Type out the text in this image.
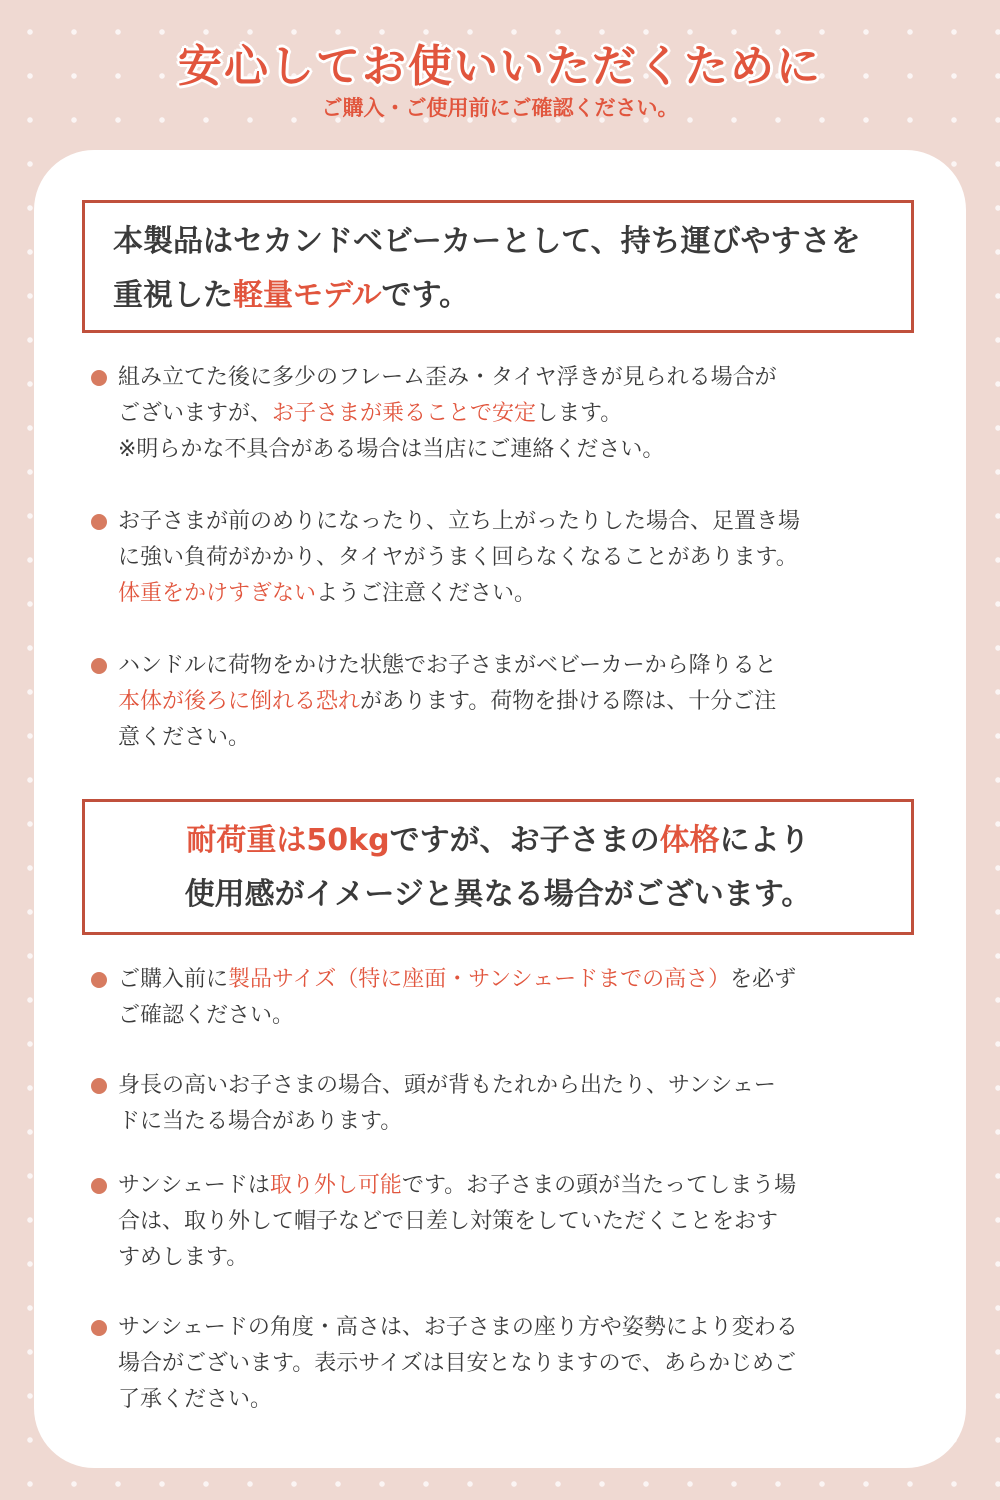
安心してお使いいただくために
ご購入・ご使用前にご確認ください。
本製品はセカンドベビーカーとして、持ち運びやすさを
重視した軽量モデルです。
組み立てた後に多少のフレーム歪み・タイヤ浮きが見られる場合が
ございますが、お子さまが乗ることで安定します。
※明らかな不具合がある場合は当店にご連絡ください。
お子さまが前のめりになったり、立ち上がったりした場合、足置き場
に強い負荷がかかり、タイヤがうまく回らなくなることがあります。
体重をかけすぎないようご注意ください。
ハンドルに荷物をかけた状態でお子さまがベビーカーから降りると
本体が後ろに倒れる恐れがあります。荷物を掛ける際は、十分ご注
意ください。
耐荷重は50kgですが、お子さまの体格により
使用感がイメージと異なる場合がございます。
ご購入前に製品サイズ（特に座面・サンシェードまでの高さ）を必ず
ご確認ください。
身長の高いお子さまの場合、頭が背もたれから出たり、サンシェー
ドに当たる場合があります。
サンシェードは取り外し可能です。お子さまの頭が当たってしまう場
合は、取り外して帽子などで日差し対策をしていただくことをおす
すめします。
サンシェードの角度・高さは、お子さまの座り方や姿勢により変わる
場合がございます。表示サイズは目安となりますので、あらかじめご
了承ください。
